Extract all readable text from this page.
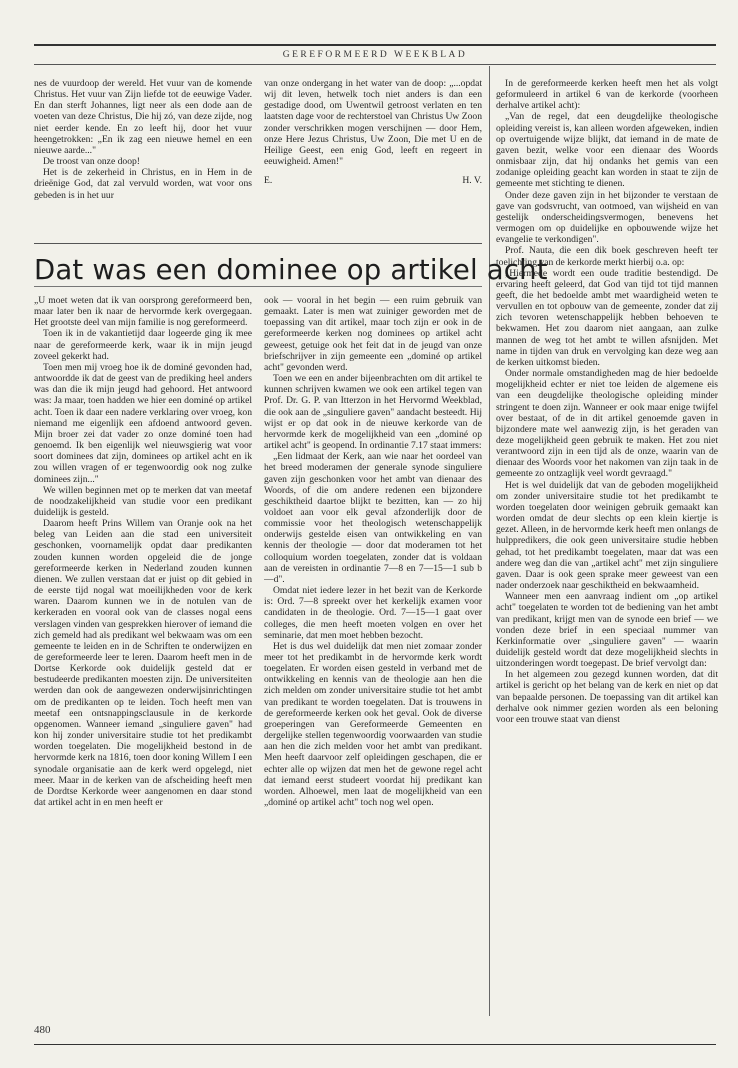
GEREFORMEERD WEEKBLAD

nes de vuurdoop der wereld. Het vuur van de komende Christus. Het vuur van Zijn liefde tot de eeuwige Vader. En dan sterft Johannes, ligt neer als een dode aan de voeten van deze Christus, Die hij zó, van deze zijde, nog niet eerder kende. En zo leeft hij, door het vuur heengetrokken: „En ik zag een nieuwe hemel en een nieuwe aarde..."

De troost van onze doop!

Het is de zekerheid in Christus, en in Hem in de drieënige God, dat zal vervuld worden, wat voor ons gebeden is in het uur

van onze ondergang in het water van de doop: „...opdat wij dit leven, hetwelk toch niet anders is dan een gestadige dood, om Uwentwil getroost verlaten en ten laatsten dage voor de rechterstoel van Christus Uw Zoon zonder verschrikken mogen verschijnen — door Hem, onze Here Jezus Christus, Uw Zoon, Die met U en de Heilige Geest, een enig God, leeft en regeert in eeuwigheid. Amen!"

E.	H. V.
Dat was een dominee op artikel acht

„U moet weten dat ik van oorsprong gereformeerd ben, maar later ben ik naar de hervormde kerk overgegaan. Het grootste deel van mijn familie is nog gereformeerd.

Toen ik in de vakantietijd daar logeerde ging ik mee naar de gereformeerde kerk, waar ik in mijn jeugd zoveel gekerkt had.

Toen men mij vroeg hoe ik de dominé gevonden had, antwoordde ik dat de geest van de prediking heel anders was dan die ik mijn jeugd had gehoord. Het antwoord was: Ja maar, toen hadden we hier een dominé op artikel acht. Toen ik daar een nadere verklaring over vroeg, kon niemand me eigenlijk een afdoend antwoord geven. Mijn broer zei dat vader zo onze dominé toen had genoemd. Ik ben eigenlijk wel nieuwsgierig wat voor soort dominees dat zijn, dominees op artikel acht en ik zou willen vragen of er tegenwoordig ook nog zulke dominees zijn..."

We willen beginnen met op te merken dat van meetaf de noodzakelijkheid van studie voor een predikant duidelijk is gesteld.

Daarom heeft Prins Willem van Oranje ook na het beleg van Leiden aan die stad een universiteit geschonken, voornamelijk opdat daar predikanten zouden kunnen worden opgeleid die de jonge gereformeerde kerken in Nederland zouden kunnen dienen. We zullen verstaan dat er juist op dit gebied in de eerste tijd nogal wat moeilijkheden voor de kerk waren. Daarom kunnen we in de notulen van de kerkeraden en vooral ook van de classes nogal eens verslagen vinden van gesprekken hierover of iemand die zich gemeld had als predikant wel bekwaam was om een gemeente te leiden en in de Schriften te onderwijzen en de gereformeerde leer te leren. Daarom heeft men in de Dortse Kerkorde ook duidelijk gesteld dat er bestudeerde predikanten moesten zijn. De universiteiten werden dan ook de aangewezen onderwijsinrichtingen om de predikanten op te leiden. Toch heeft men van meetaf een ontsnappingsclausule in de kerkorde opgenomen. Wanneer iemand „singuliere gaven" had kon hij zonder universitaire studie tot het predikambt worden toegelaten. Die mogelijkheid bestond in de hervormde kerk na 1816, toen door koning Willem I een synodale organisatie aan de kerk werd opgelegd, niet meer. Maar in de kerken van de afscheiding heeft men de Dordtse Kerkorde weer aangenomen en daar stond dat artikel acht in en men heeft er

ook — vooral in het begin — een ruim gebruik van gemaakt. Later is men wat zuiniger geworden met de toepassing van dit artikel, maar toch zijn er ook in de gereformeerde kerken nog dominees op artikel acht geweest, getuige ook het feit dat in de jeugd van onze briefschrijver in zijn gemeente een „dominé op artikel acht" gevonden werd.

Toen we een en ander bijeenbrachten om dit artikel te kunnen schrijven kwamen we ook een artikel tegen van Prof. Dr. G. P. van Itterzon in het Hervormd Weekblad, die ook aan de „singuliere gaven" aandacht besteedt. Hij wijst er op dat ook in de nieuwe kerkorde van de hervormde kerk de mogelijkheid van een „dominé op artikel acht" is geopend. In ordinantie 7.17 staat immers:

„Een lidmaat der Kerk, aan wie naar het oordeel van het breed moderamen der generale synode singuliere gaven zijn geschonken voor het ambt van dienaar des Woords, of die om andere redenen een bijzondere geschiktheid daartoe blijkt te bezitten, kan — zo hij voldoet aan voor elk geval afzonderlijk door de commissie voor het theologisch wetenschappelijk onderwijs gestelde eisen van ontwikkeling en van kennis der theologie — door dat moderamen tot het colloquium worden toegelaten, zonder dat is voldaan aan de vereisten in ordinantie 7—8 en 7—15—1 sub b—d".

Omdat niet iedere lezer in het bezit van de Kerkorde is: Ord. 7—8 spreekt over het kerkelijk examen voor candidaten in de theologie. Ord. 7—15—1 gaat over colleges, die men heeft moeten volgen en over het seminarie, dat men moet hebben bezocht.

Het is dus wel duidelijk dat men niet zomaar zonder meer tot het predikambt in de hervormde kerk wordt toegelaten. Er worden eisen gesteld in verband met de ontwikkeling en kennis van de theologie aan hen die zich melden om zonder universitaire studie tot het ambt van predikant te worden toegelaten. Dat is trouwens in de gereformeerde kerken ook het geval. Ook de diverse groeperingen van Gereformeerde Gemeenten en dergelijke stellen tegenwoordig voorwaarden van studie aan hen die zich melden voor het ambt van predikant. Men heeft daarvoor zelf opleidingen geschapen, die er echter alle op wijzen dat men het de gewone regel acht dat iemand eerst studeert voordat hij predikant kan worden. Alhoewel, men laat de mogelijkheid van een „dominé op artikel acht" toch nog wel open.

In de gereformeerde kerken heeft men het als volgt geformuleerd in artikel 6 van de kerkorde (voorheen derhalve artikel acht):

„Van de regel, dat een deugdelijke theologische opleiding vereist is, kan alleen worden afgeweken, indien op overtuigende wijze blijkt, dat iemand in de mate de gaven bezit, welke voor een dienaar des Woords onmisbaar zijn, dat hij ondanks het gemis van een zodanige opleiding geacht kan worden in staat te zijn de gemeente met stichting te dienen.

Onder deze gaven zijn in het bijzonder te verstaan de gave van godsvrucht, van ootmoed, van wijsheid en van gestelijk onderscheidingsvermogen, benevens het vermogen om op duidelijke en opbouwende wijze het evangelie te verkondigen".

Prof. Nauta, die een dik boek geschreven heeft ter toelichting van de kerkorde merkt hierbij o.a. op:

„Hiermede wordt een oude traditie bestendigd. De ervaring heeft geleerd, dat God van tijd tot tijd mannen geeft, die het bedoelde ambt met waardigheid weten te vervullen en tot opbouw van de gemeente, zonder dat zij zich tevoren wetenschappelijk hebben behoeven te bekwamen. Het zou daarom niet aangaan, aan zulke mannen de weg tot het ambt te willen afsnijden. Met name in tijden van druk en vervolging kan deze weg aan de kerken uitkomst bieden.

Onder normale omstandigheden mag de hier bedoelde mogelijkheid echter er niet toe leiden de algemene eis van een deugdelijke theologische opleiding minder stringent te doen zijn. Wanneer er ook maar enige twijfel over bestaat, of de in dit artikel genoemde gaven in bijzondere mate wel aanwezig zijn, is het geraden van deze mogelijkheid geen gebruik te maken. Het zou niet verantwoord zijn in een tijd als de onze, waarin van de dienaar des Woords voor het nakomen van zijn taak in de gemeente zo ontzaglijk veel wordt gevraagd."

Het is wel duidelijk dat van de geboden mogelijkheid om zonder universitaire studie tot het predikambt te worden toegelaten door weinigen gebruik gemaakt kan worden omdat de deur slechts op een klein kiertje is gezet. Alleen, in de hervormde kerk heeft men onlangs de hulppredikers, die ook geen universitaire studie hebben gehad, tot het predikambt toegelaten, maar dat was een andere weg dan die van „artikel acht" met zijn singuliere gaven. Daar is ook geen sprake meer geweest van een nader onderzoek naar geschiktheid en bekwaamheid.

Wanneer men een aanvraag indient om „op artikel acht" toegelaten te worden tot de bediening van het ambt van predikant, krijgt men van de synode een brief — we vonden deze brief in een speciaal nummer van Kerkinformatie over „singuliere gaven" — waarin duidelijk gesteld wordt dat deze mogelijkheid slechts in uitzonderingen wordt toegepast. De brief vervolgt dan:

In het algemeen zou gezegd kunnen worden, dat dit artikel is gericht op het belang van de kerk en niet op dat van bepaalde personen. De toepassing van dit artikel kan derhalve ook nimmer gezien worden als een beloning voor een trouwe staat van dienst

480
